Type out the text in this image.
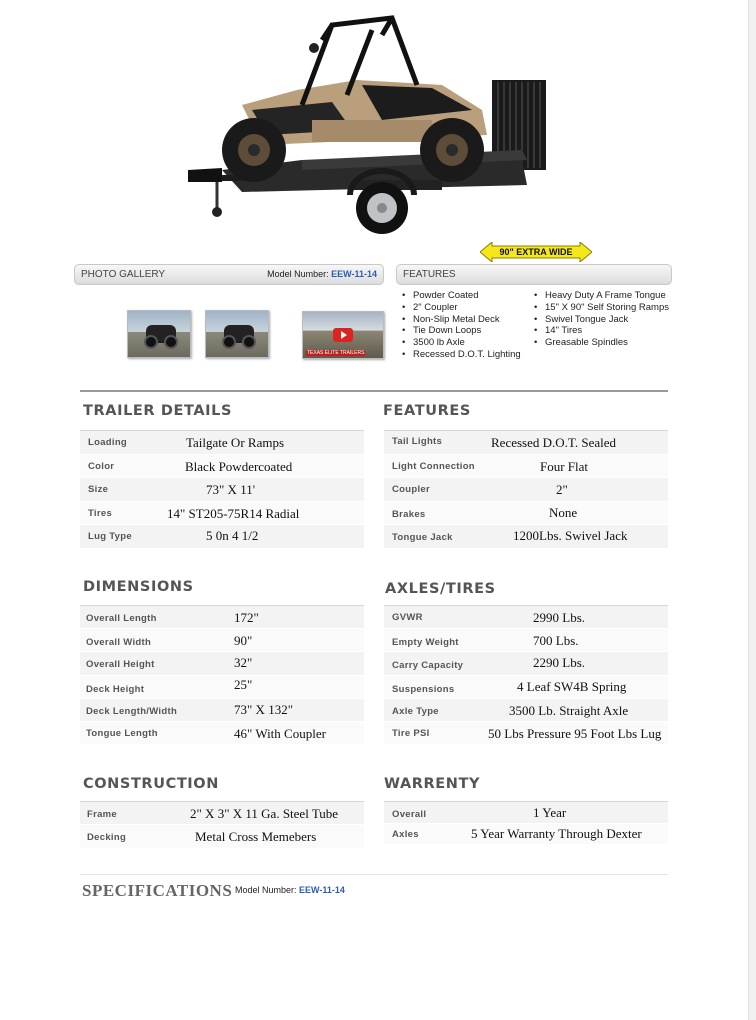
90" EXTRA WIDE
PHOTO GALLERY	Model Number: EEW-11-14	FEATURES
TEXAS ELITE TRAILERS
• Powder Coated
• 2" Coupler
• Non-Slip Metal Deck
• Tie Down Loops
• 3500 lb Axle
• Recessed D.O.T. Lighting
• Heavy Duty A Frame Tongue
• 15" X 90" Self Storing Ramps
• Swivel Tongue Jack
• 14" Tires
• Greasable Spindles
TRAILER DETAILS
Loading	Tailgate Or Ramps
Color	Black Powdercoated
Size	73" X 11'
Tires	14" ST205-75R14 Radial
Lug Type	5 0n 4 1/2
FEATURES
Tail Lights	Recessed D.O.T. Sealed
Light Connection	Four Flat
Coupler	2"
Brakes	None
Tongue Jack	1200Lbs. Swivel Jack
DIMENSIONS
Overall Length	172"
Overall Width	90"
Overall Height	32"
Deck Height	25"
Deck Length/Width	73" X 132"
Tongue Length	46" With Coupler
AXLES/TIRES
GVWR	2990 Lbs.
Empty Weight	700 Lbs.
Carry Capacity	2290 Lbs.
Suspensions	4 Leaf SW4B Spring
Axle Type	3500 Lb. Straight Axle
Tire PSI	50 Lbs Pressure 95 Foot Lbs Lug
CONSTRUCTION
Frame	2" X 3" X 11 Ga. Steel Tube
Decking	Metal Cross Memebers
WARRENTY
Overall	1 Year
Axles	5 Year Warranty Through Dexter
SPECIFICATIONS Model Number: EEW-11-14
